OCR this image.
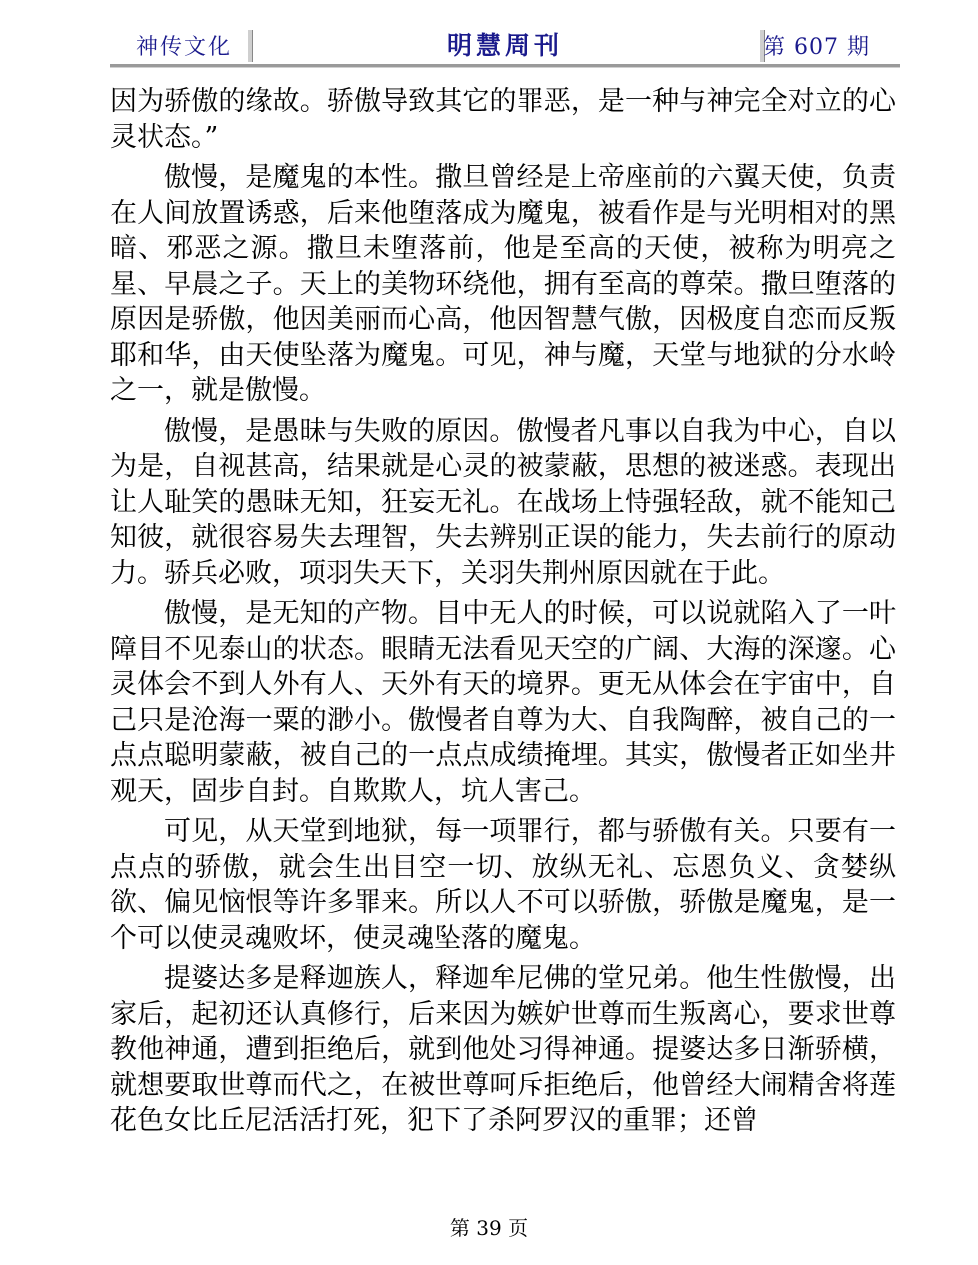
神传文化	明慧周刊	第 607 期

因为骄傲的缘故。骄傲导致其它的罪恶，是一种与神完全对立的心灵状态。”

傲慢，是魔鬼的本性。撒旦曾经是上帝座前的六翼天使，负责在人间放置诱惑，后来他堕落成为魔鬼，被看作是与光明相对的黑暗、邪恶之源。撒旦未堕落前，他是至高的天使，被称为明亮之星、早晨之子。天上的美物环绕他，拥有至高的尊荣。撒旦堕落的原因是骄傲，他因美丽而心高，他因智慧气傲，因极度自恋而反叛耶和华，由天使坠落为魔鬼。可见，神与魔，天堂与地狱的分水岭之一，就是傲慢。

傲慢，是愚昧与失败的原因。傲慢者凡事以自我为中心，自以为是，自视甚高，结果就是心灵的被蒙蔽，思想的被迷惑。表现出让人耻笑的愚昧无知，狂妄无礼。在战场上恃强轻敌，就不能知己知彼，就很容易失去理智，失去辨别正误的能力，失去前行的原动力。骄兵必败，项羽失天下，关羽失荆州原因就在于此。

傲慢，是无知的产物。目中无人的时候，可以说就陷入了一叶障目不见泰山的状态。眼睛无法看见天空的广阔、大海的深邃。心灵体会不到人外有人、天外有天的境界。更无从体会在宇宙中，自己只是沧海一粟的渺小。傲慢者自尊为大、自我陶醉，被自己的一点点聪明蒙蔽，被自己的一点点成绩掩埋。其实，傲慢者正如坐井观天，固步自封。自欺欺人，坑人害己。

可见，从天堂到地狱，每一项罪行，都与骄傲有关。只要有一点点的骄傲，就会生出目空一切、放纵无礼、忘恩负义、贪婪纵欲、偏见恼恨等许多罪来。所以人不可以骄傲，骄傲是魔鬼，是一个可以使灵魂败坏，使灵魂坠落的魔鬼。

提婆达多是释迦族人，释迦牟尼佛的堂兄弟。他生性傲慢，出家后，起初还认真修行，后来因为嫉妒世尊而生叛离心，要求世尊教他神通，遭到拒绝后，就到他处习得神通。提婆达多日渐骄横，就想要取世尊而代之，在被世尊呵斥拒绝后，他曾经大闹精舍将莲花色女比丘尼活活打死，犯下了杀阿罗汉的重罪；还曾

第 39 页
